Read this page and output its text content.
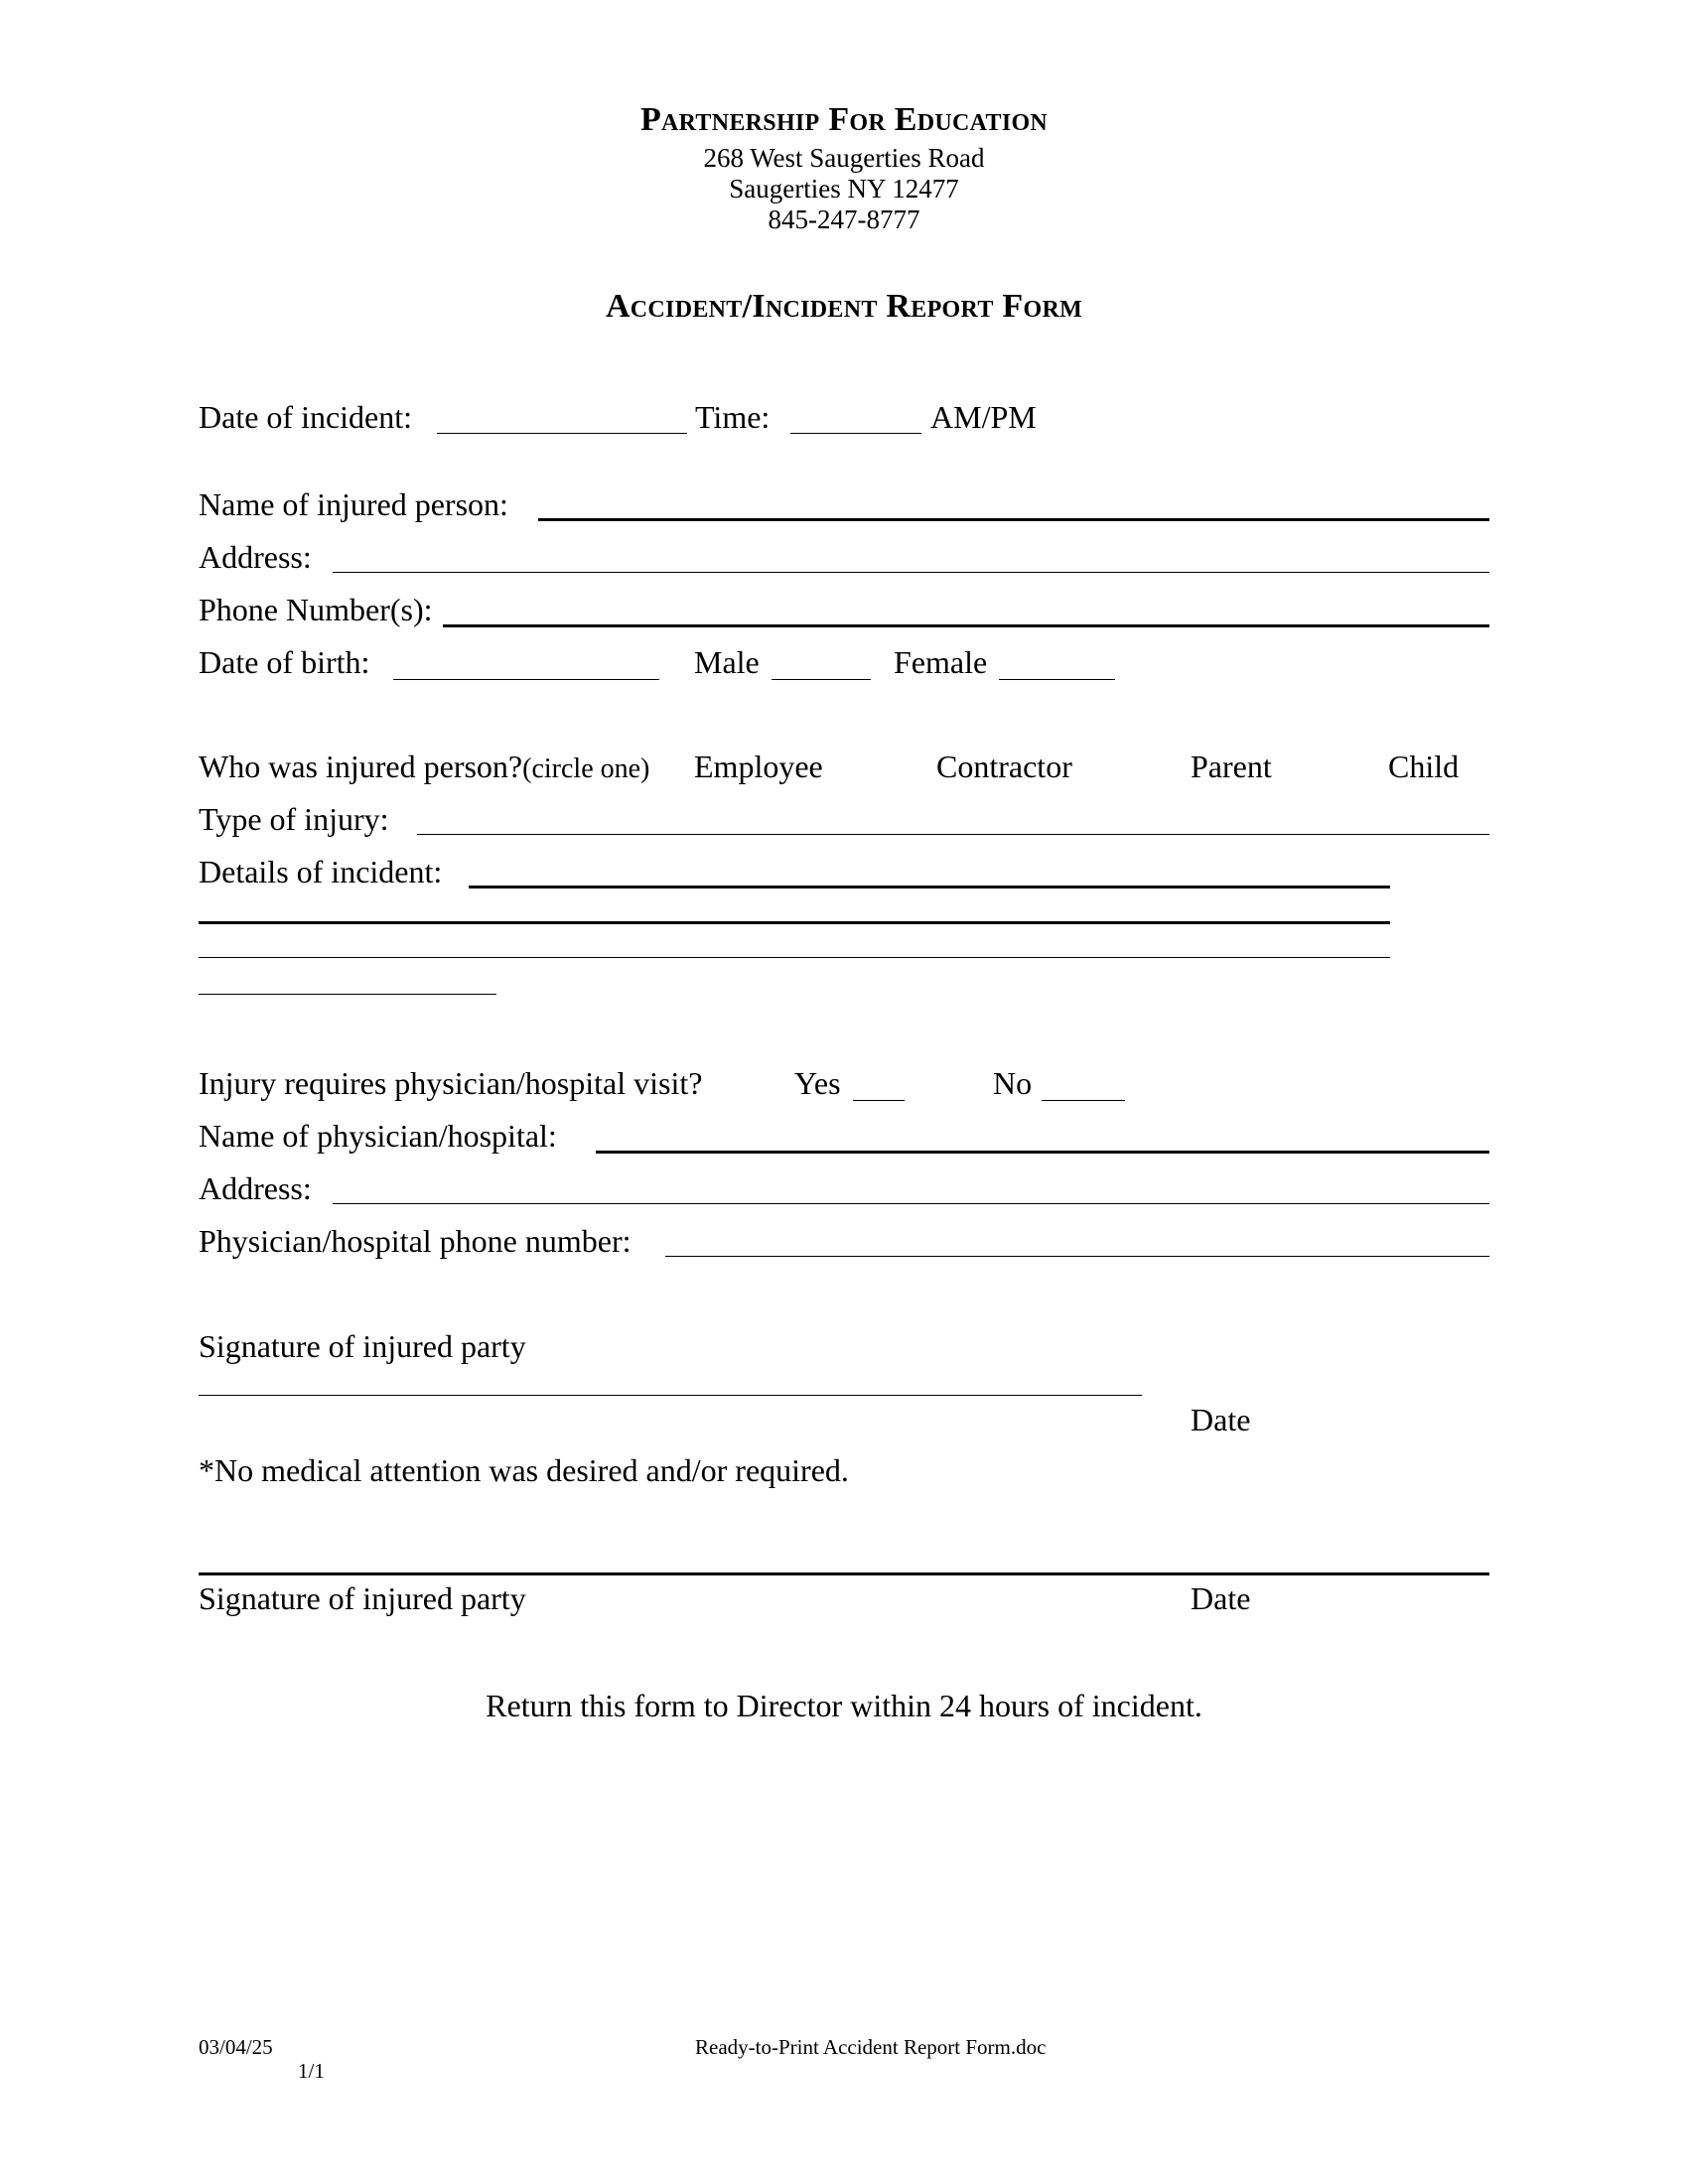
Partnership For Education
268 West Saugerties Road
Saugerties NY 12477
845-247-8777
Accident/Incident Report Form
Date of incident:	Time:	AM/PM
Name of injured person:
Address:
Phone Number(s):
Date of birth:	Male	Female
Who was injured person?(circle one) Employee	Contractor	Parent	Child
Type of injury:
Details of incident:
Injury requires physician/hospital visit?	Yes	No
Name of physician/hospital:
Address:
Physician/hospital phone number:
Signature of injured party
Date
*No medical attention was desired and/or required.
Signature of injured party	Date
Return this form to Director within 24 hours of incident.
03/04/25	Ready-to-Print Accident Report Form.doc
1/1
